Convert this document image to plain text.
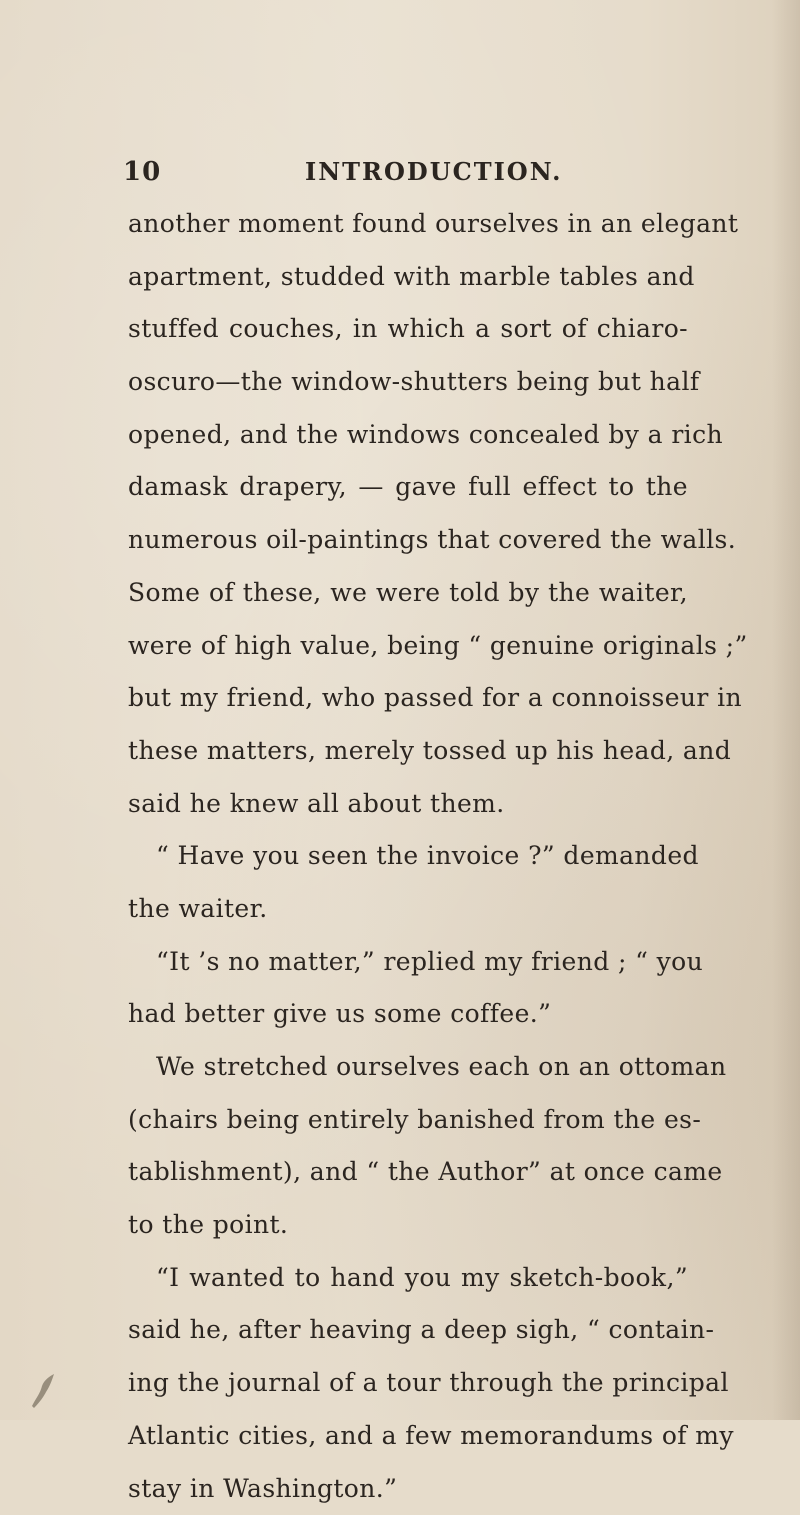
10	INTRODUCTION.
another moment found ourselves in an elegant
apartment, studded with marble tables and
stuffed couches, in which a sort of chiaro-
oscuro—the window-shutters being but half
opened, and the windows concealed by a rich
damask drapery, — gave full effect to the
numerous oil-paintings that covered the walls.
Some of these, we were told by the waiter,
were of high value, being “ genuine originals ;”
but my friend, who passed for a connoisseur in
these matters, merely tossed up his head, and
said he knew all about them.
“ Have you seen the invoice ?” demanded
the waiter.
“It ’s no matter,” replied my friend ; “ you
had better give us some coffee.”
We stretched ourselves each on an ottoman
(chairs being entirely banished from the es-
tablishment), and “ the Author” at once came
to the point.
“I wanted to hand you my sketch-book,”
said he, after heaving a deep sigh, “ contain-
ing the journal of a tour through the principal
Atlantic cities, and a few memorandums of my
stay in Washington.”
